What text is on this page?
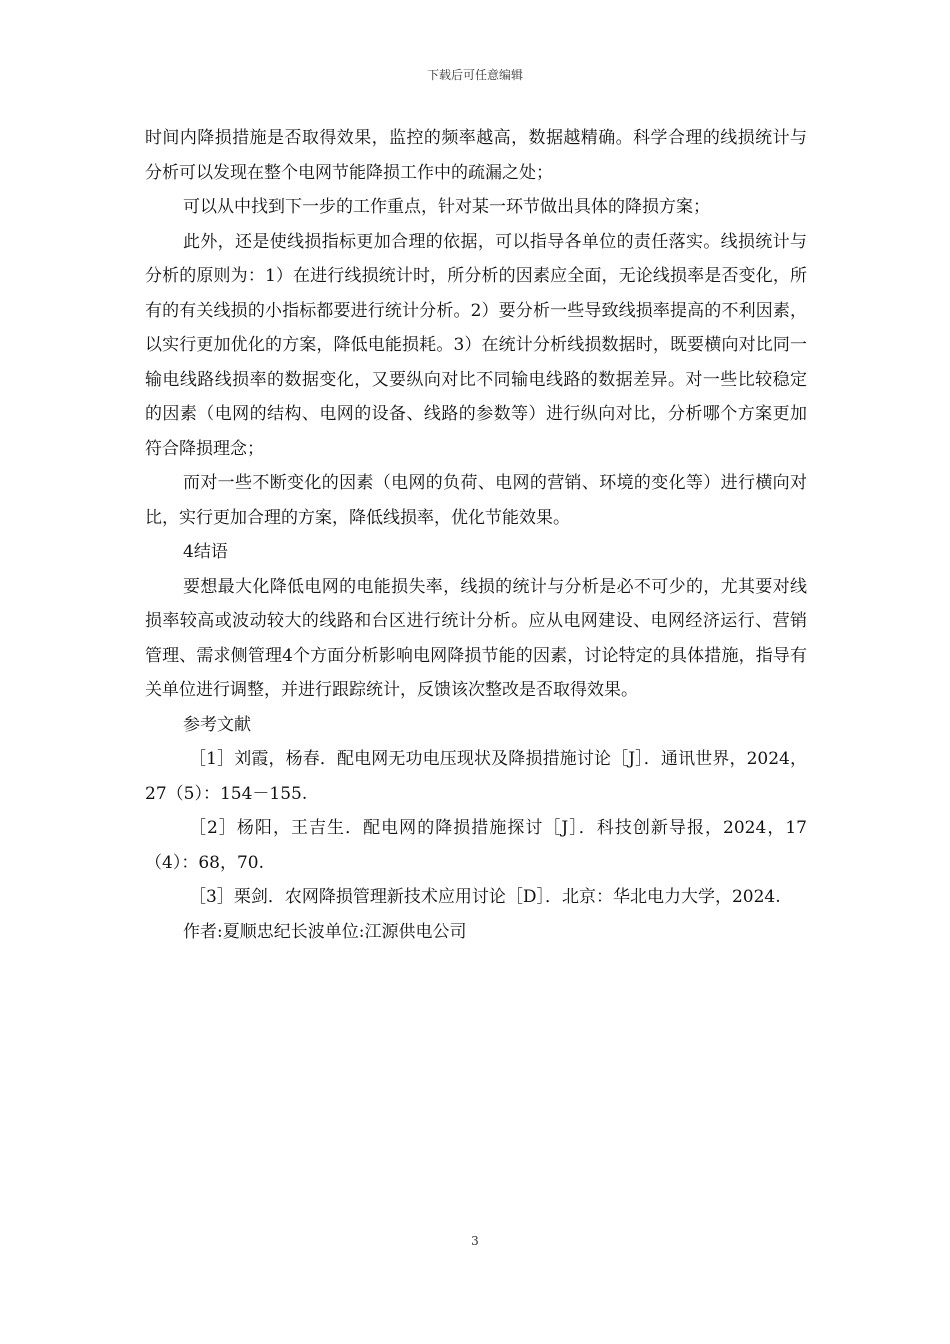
下载后可任意编辑

时间内降损措施是否取得效果，监控的频率越高，数据越精确。科学合理的线损统计与分析可以发现在整个电网节能降损工作中的疏漏之处；

可以从中找到下一步的工作重点，针对某一环节做出具体的降损方案；

此外，还是使线损指标更加合理的依据，可以指导各单位的责任落实。线损统计与分析的原则为：1）在进行线损统计时，所分析的因素应全面，无论线损率是否变化，所有的有关线损的小指标都要进行统计分析。2）要分析一些导致线损率提高的不利因素，以实行更加优化的方案，降低电能损耗。3）在统计分析线损数据时，既要横向对比同一输电线路线损率的数据变化，又要纵向对比不同输电线路的数据差异。对一些比较稳定的因素（电网的结构、电网的设备、线路的参数等）进行纵向对比，分析哪个方案更加符合降损理念；

而对一些不断变化的因素（电网的负荷、电网的营销、环境的变化等）进行横向对比，实行更加合理的方案，降低线损率，优化节能效果。

4结语

要想最大化降低电网的电能损失率，线损的统计与分析是必不可少的，尤其要对线损率较高或波动较大的线路和台区进行统计分析。应从电网建设、电网经济运行、营销管理、需求侧管理4个方面分析影响电网降损节能的因素，讨论特定的具体措施，指导有关单位进行调整，并进行跟踪统计，反馈该次整改是否取得效果。

参考文献

［1］刘霞，杨春．配电网无功电压现状及降损措施讨论［J］．通讯世界，2024，27（5）：154－155.

［2］杨阳，王吉生．配电网的降损措施探讨［J］．科技创新导报，2024，17（4）：68，70.

［3］栗剑．农网降损管理新技术应用讨论［D］．北京：华北电力大学，2024.

作者:夏顺忠纪长波单位:江源供电公司

3
